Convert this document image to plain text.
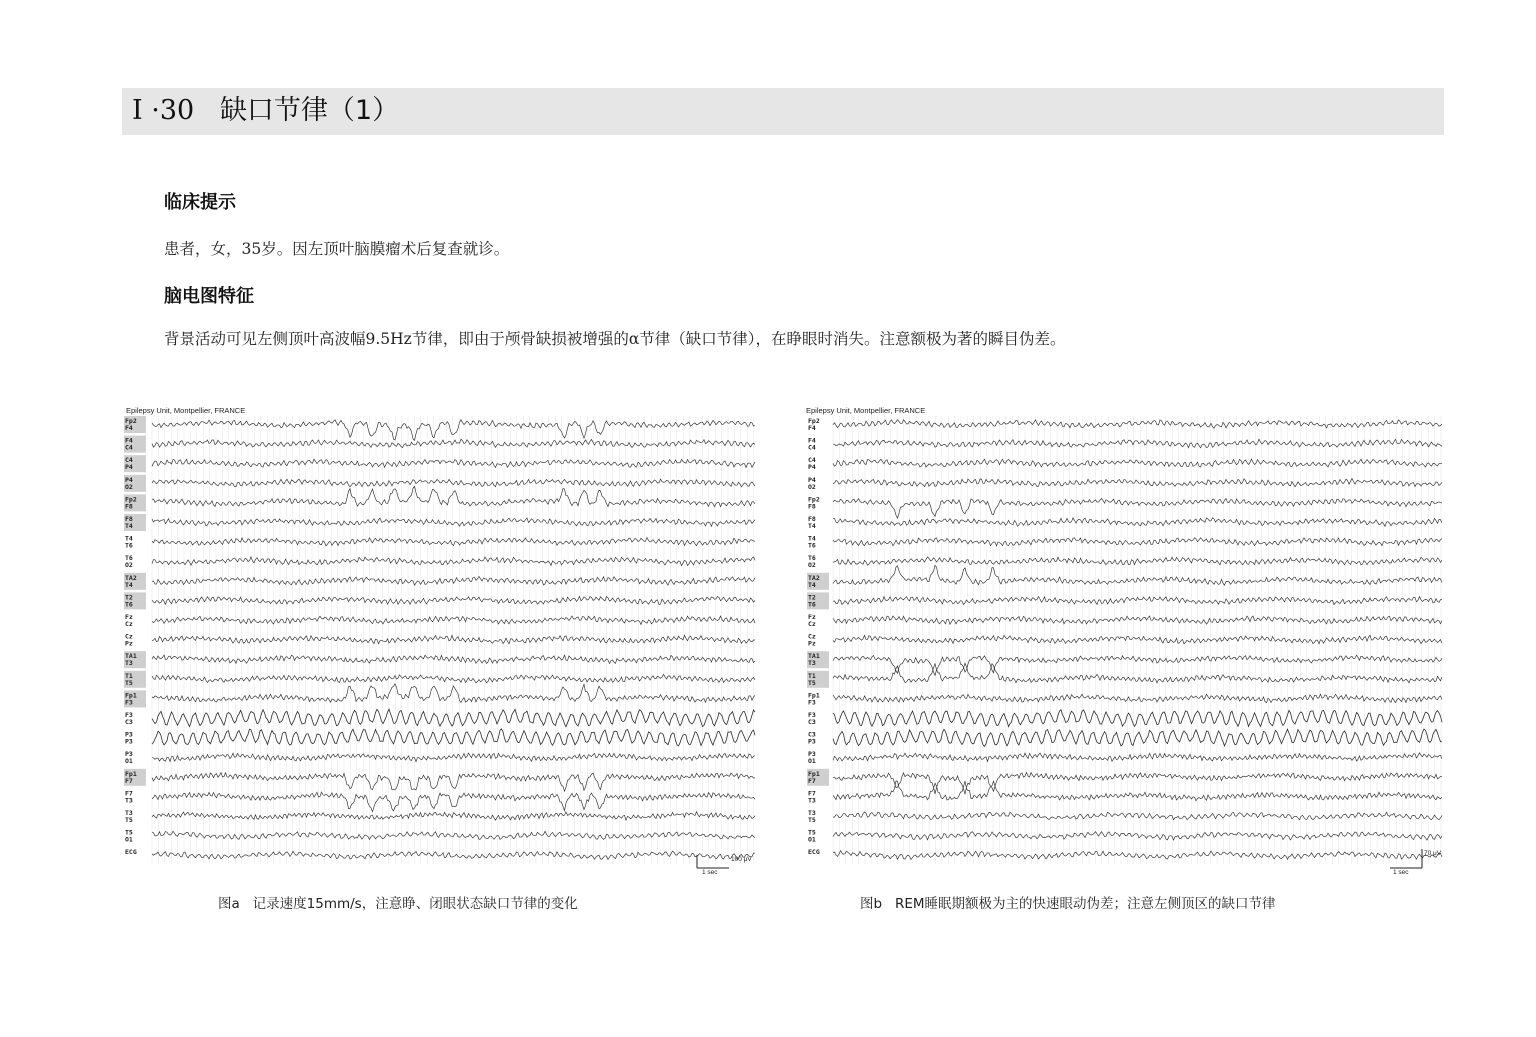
I ·30 缺口节律（1）
临床提示
患者，女，35岁。因左顶叶脑膜瘤术后复查就诊。
脑电图特征
背景活动可见左侧顶叶高波幅9.5Hz节律，即由于颅骨缺损被增强的α节律（缺口节律），在睁眼时消失。注意额极为著的瞬目伪差。
Epilepsy Unit, Montpellier, FRANCE
Fp2
F4
F4
C4
C4
P4
P4
O2
Fp2
F8
F8
T4
T4
T6
T6
O2
TA2
T4
T2
T6
Fz
Cz
Cz
Pz
TA1
T3
T1
T5
Fp1
F3
F3
C3
P3
P3
P3
O1
Fp1
F7
F7
T3
T3
T5
T5
O1
ECG
100 μV
1 sec
图a 记录速度15mm/s，注意睁、闭眼状态缺口节律的变化
Epilepsy Unit, Montpellier, FRANCE
Fp2
F4
F4
C4
C4
P4
P4
O2
Fp2
F8
F8
T4
T4
T6
T6
O2
TA2
T4
T2
T6
Fz
Cz
Cz
Pz
TA1
T3
T1
T5
Fp1
F3
F3
C3
C3
P3
P3
O1
Fp1
F7
F7
T3
T3
T5
T5
O1
ECG	70 μV
1 sec
图b REM睡眠期额极为主的快速眼动伪差；注意左侧顶区的缺口节律
